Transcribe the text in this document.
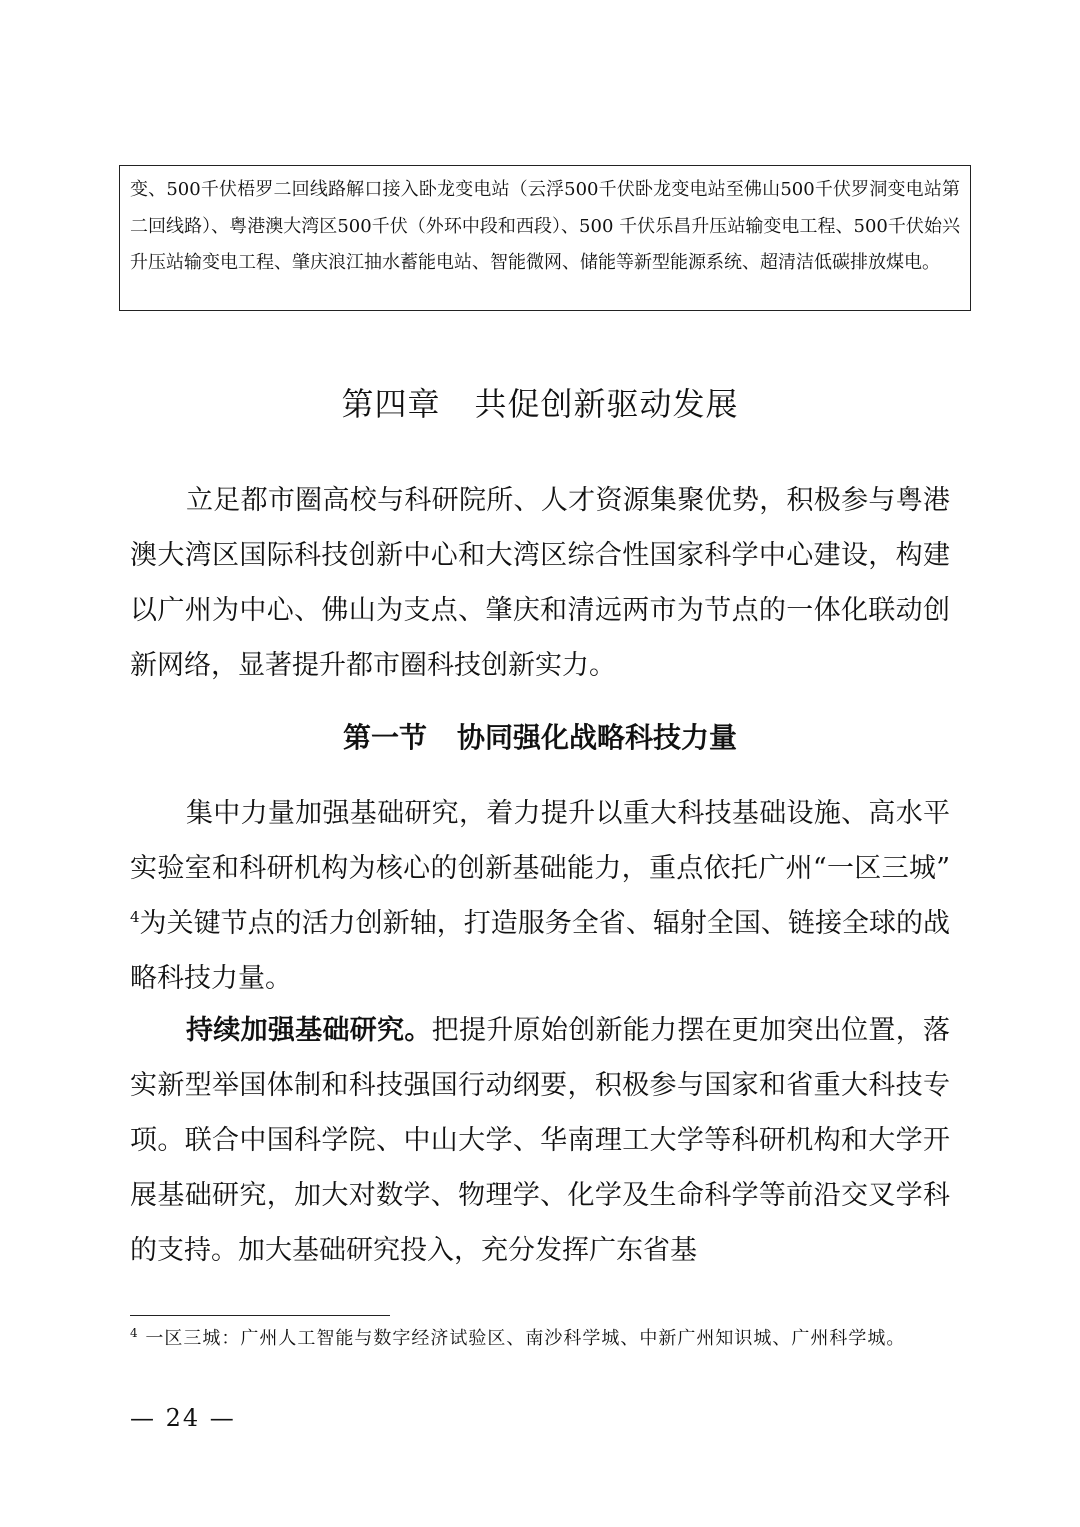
变、500千伏梧罗二回线路解口接入卧龙变电站（云浮500千伏卧龙变电站至佛山500千伏罗洞变电站第二回线路）、粤港澳大湾区500千伏（外环中段和西段）、500 千伏乐昌升压站输变电工程、500千伏始兴升压站输变电工程、肇庆浪江抽水蓄能电站、智能微网、储能等新型能源系统、超清洁低碳排放煤电。
第四章 共促创新驱动发展

立足都市圈高校与科研院所、人才资源集聚优势，积极参与粤港澳大湾区国际科技创新中心和大湾区综合性国家科学中心建设，构建以广州为中心、佛山为支点、肇庆和清远两市为节点的一体化联动创新网络，显著提升都市圈科技创新实力。

第一节 协同强化战略科技力量

集中力量加强基础研究，着力提升以重大科技基础设施、高水平实验室和科研机构为核心的创新基础能力，重点依托广州“一区三城” $^4$为关键节点的活力创新轴，打造服务全省、辐射全国、链接全球的战略科技力量。

持续加强基础研究。把提升原始创新能力摆在更加突出位置，落实新型举国体制和科技强国行动纲要，积极参与国家和省重大科技专项。联合中国科学院、中山大学、华南理工大学等科研机构和大学开展基础研究，加大对数学、物理学、化学及生命科学等前沿交叉学科的支持。加大基础研究投入，充分发挥广东省基

$^4$ 一区三城：广州人工智能与数字经济试验区、南沙科学城、中新广州知识城、广州科学城。
— 24 —
